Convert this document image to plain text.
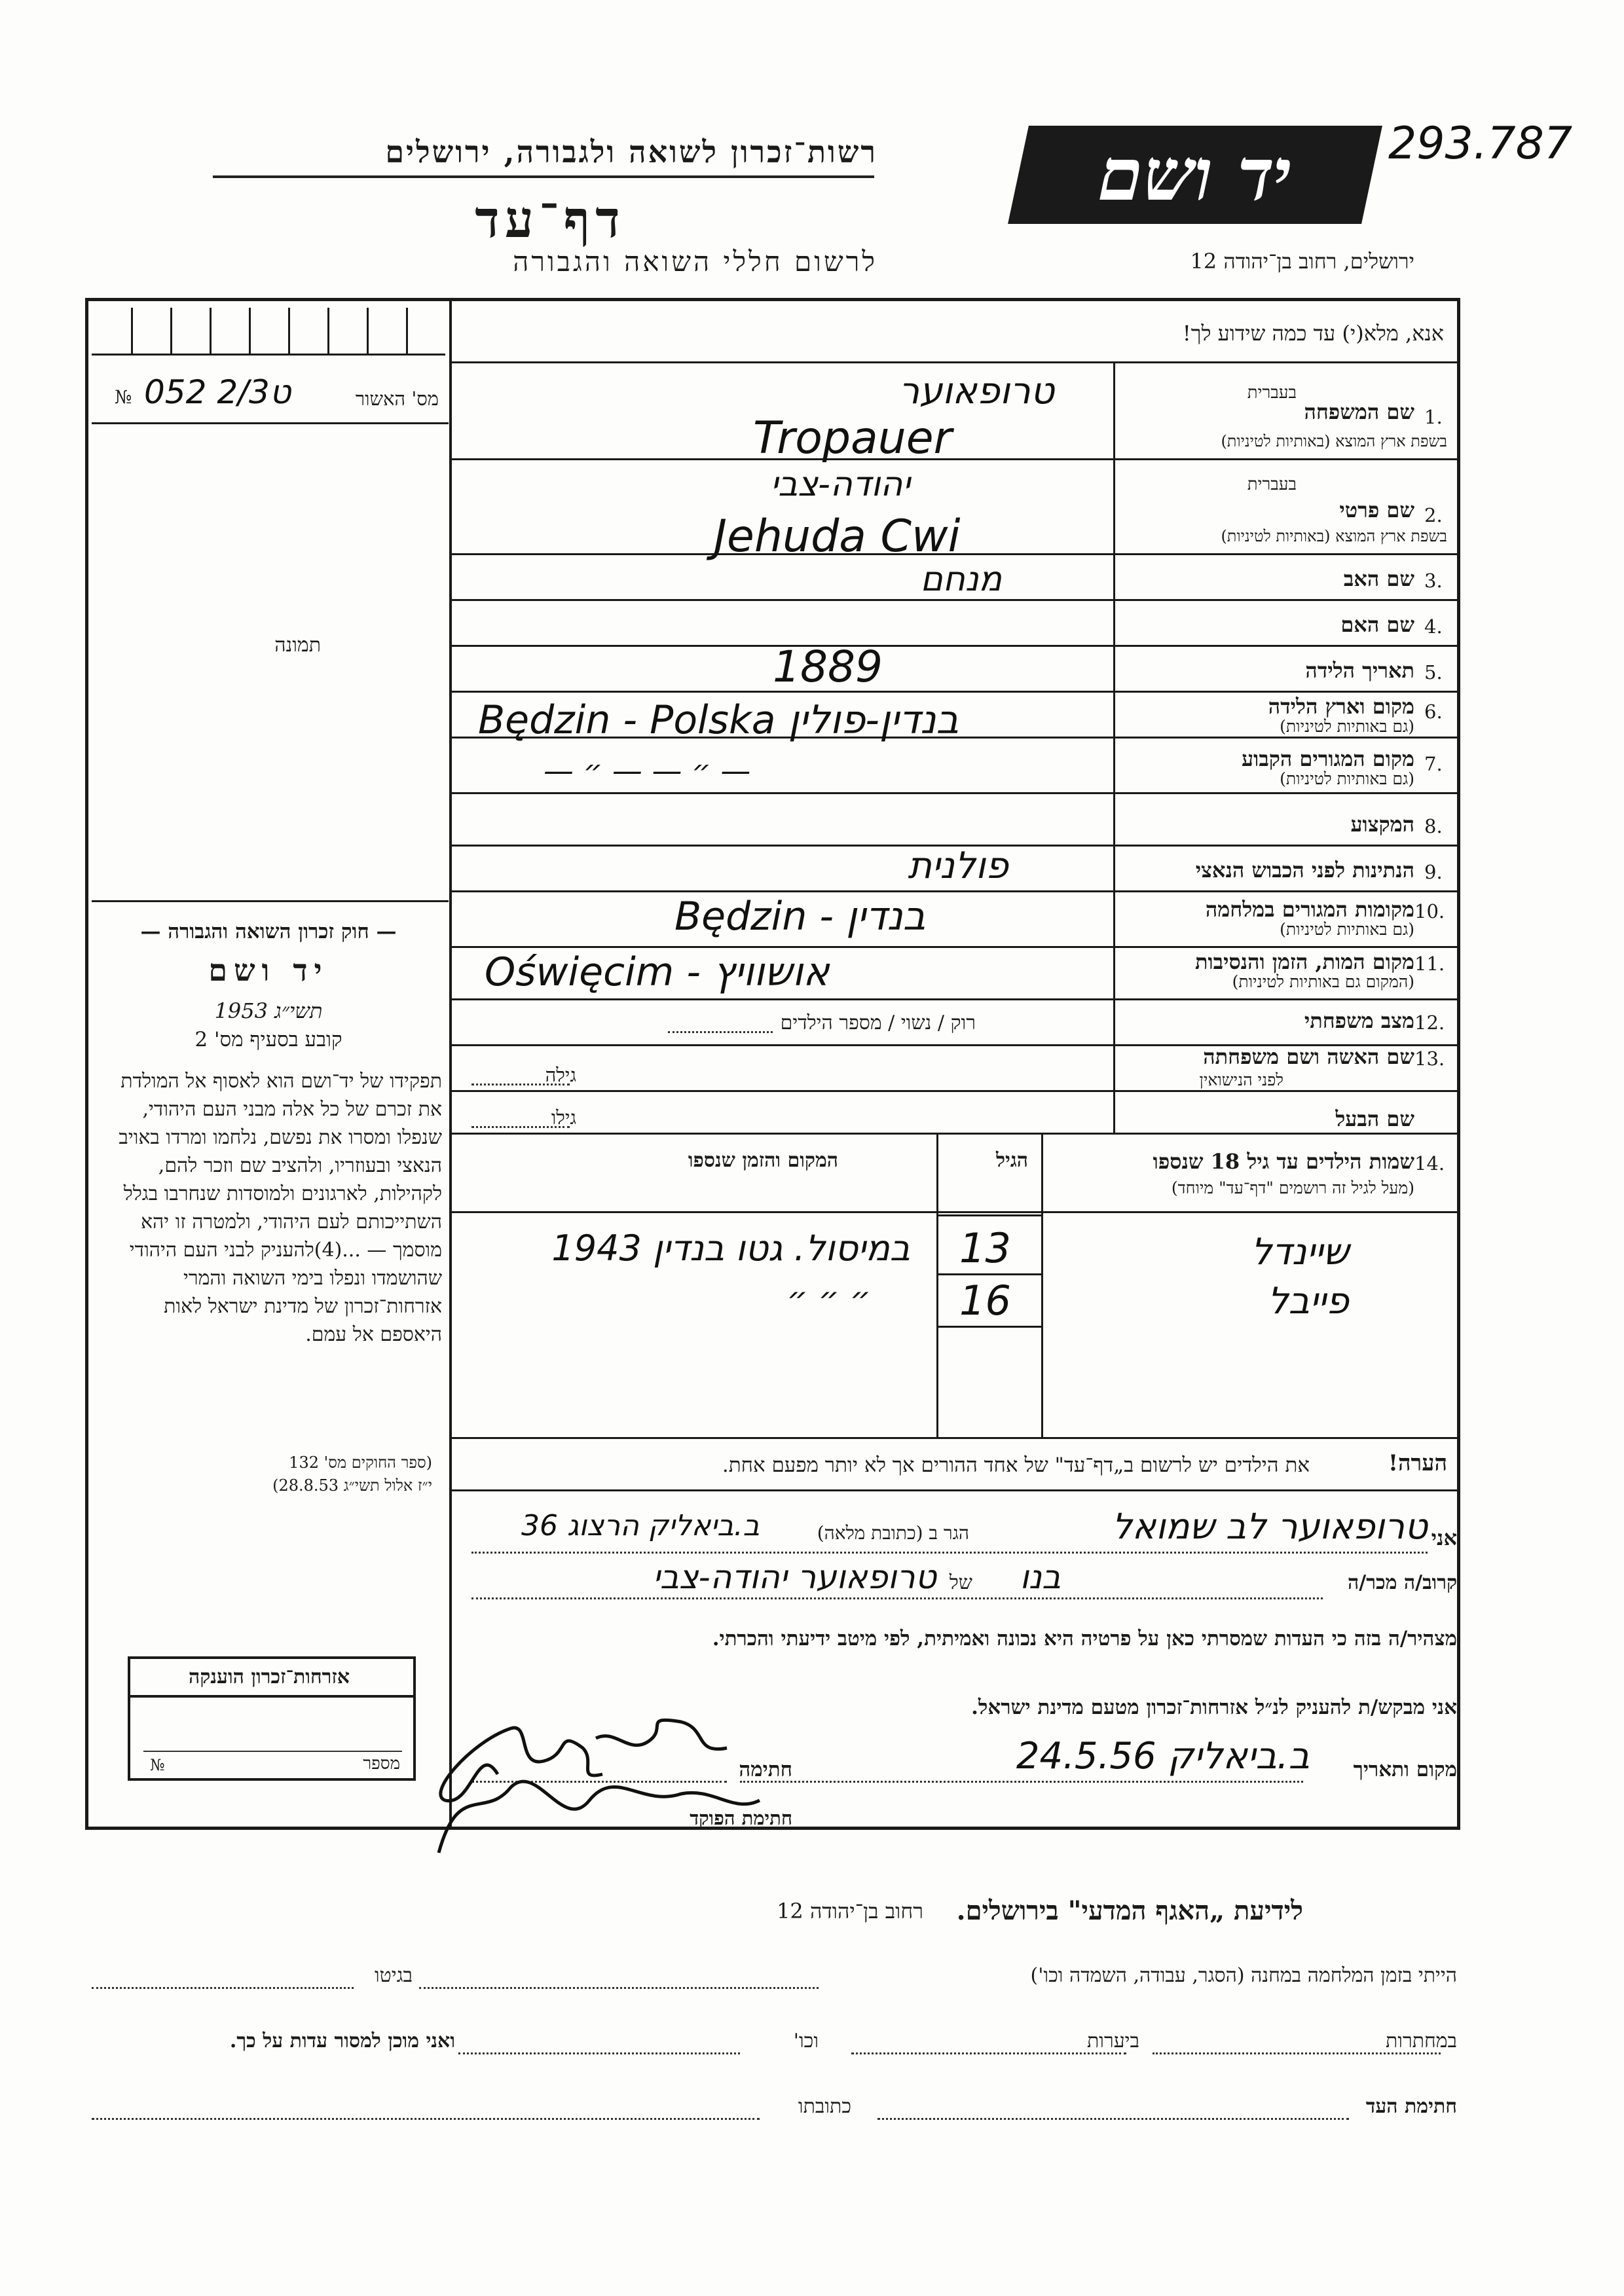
רשות־זכרון לשואה ולגבורה, ירושלים
דף־עד
לרשום חללי השואה והגבורה
יד ושם	293.787
ירושלים, רחוב בן־יהודה 12
אנא, מלא(י) עד כמה שידוע לך!
№ ט2/3 052	מס' האשור
תמונה
1.
שם המשפחה
בעברית
בשפת ארץ המוצא (באותיות לטיניות)
טרופאוער
Tropauer
2.
שם פרטי
בעברית
בשפת ארץ המוצא (באותיות לטיניות)
יהודה-צבי
Jehuda Cwi
3.
שם האב
מנחם
4.
שם האם
5.
תאריך הלידה
1889
6.
מקום וארץ הלידה
(גם באותיות לטיניות)
Będzin - Polska בנדין-פולין
7.
מקום המגורים הקבוע
(גם באותיות לטיניות)
— ״ — — ״ —
8.
המקצוע
9.
הנתינות לפני הכבוש הנאצי
פולנית
10.
מקומות המגורים במלחמה
(גם באותיות לטיניות)
Będzin - בנדין
11.
מקום המות, הזמן והנסיבות
(המקום גם באותיות לטיניות)
Oświęcim - אושוויץ
12.
מצב משפחתי
רוק / נשוי / מספר הילדים
13.
שם האשה ושם משפחתה
לפני הנישואין
גילה
שם הבעל
גילו
14.
שמות הילדים עד גיל 18 שנספו
(מעל לגיל זה רושמים "דף־עד" מיוחד)
הגיל
המקום והזמן שנספו
שיינדל
13
במיסול. גטו בנדין 1943
פייבל
16
״ ״ ״
— חוק זכרון השואה והגבורה —
יד ושם
תשי״ג 1953
קובע בסעיף מס' 2
תפקידו של יד־ושם הוא לאסוף אל המולדת את זכרם של כל אלה מבני העם היהודי, שנפלו ומסרו את נפשם, נלחמו ומרדו באויב הנאצי ובעוזריו, ולהציב שם וזכר להם, לקהילות, לארגונים ולמוסדות שנחרבו בגלל השתייכותם לעם היהודי, ולמטרה זו יהא מוסמך — ...(4)להעניק לבני העם היהודי שהושמדו ונפלו בימי השואה והמרי אזרחות־זכרון של מדינת ישראל לאות היאספם אל עמם.
(ספר החוקים מס' 132
י״ז אלול תשי״ג 28.8.53)
הערה!
את הילדים יש לרשום ב„דף־עד" של אחד ההורים אך לא יותר מפעם אחת.
אני
טרופאוער לב שמואל
הגר ב (כתובת מלאה)
ב.ביאליק הרצוג 36
קרוב/ה מכר/ה
בנו
של
טרופאוער יהודה-צבי
מצהיר/ה בזה כי העדות שמסרתי כאן על פרטיה היא נכונה ואמיתית, לפי מיטב ידיעתי והכרתי.
אני מבקש/ת להעניק לנ״ל אזרחות־זכרון מטעם מדינת ישראל.
מקום ותאריך
ב.ביאליק 24.5.56
חתימה
חתימת הפוקד
אזרחות־זכרון הוענקה
מספר
№
לידיעת „האגף המדעי" בירושלים.
רחוב בן־יהודה 12
הייתי בזמן המלחמה במחנה (הסגר, עבודה, השמדה וכו')
בגיטו
במחתרות
ביערות
וכו'
ואני מוכן למסור עדות על כך.
חתימת העד
כתובתו
